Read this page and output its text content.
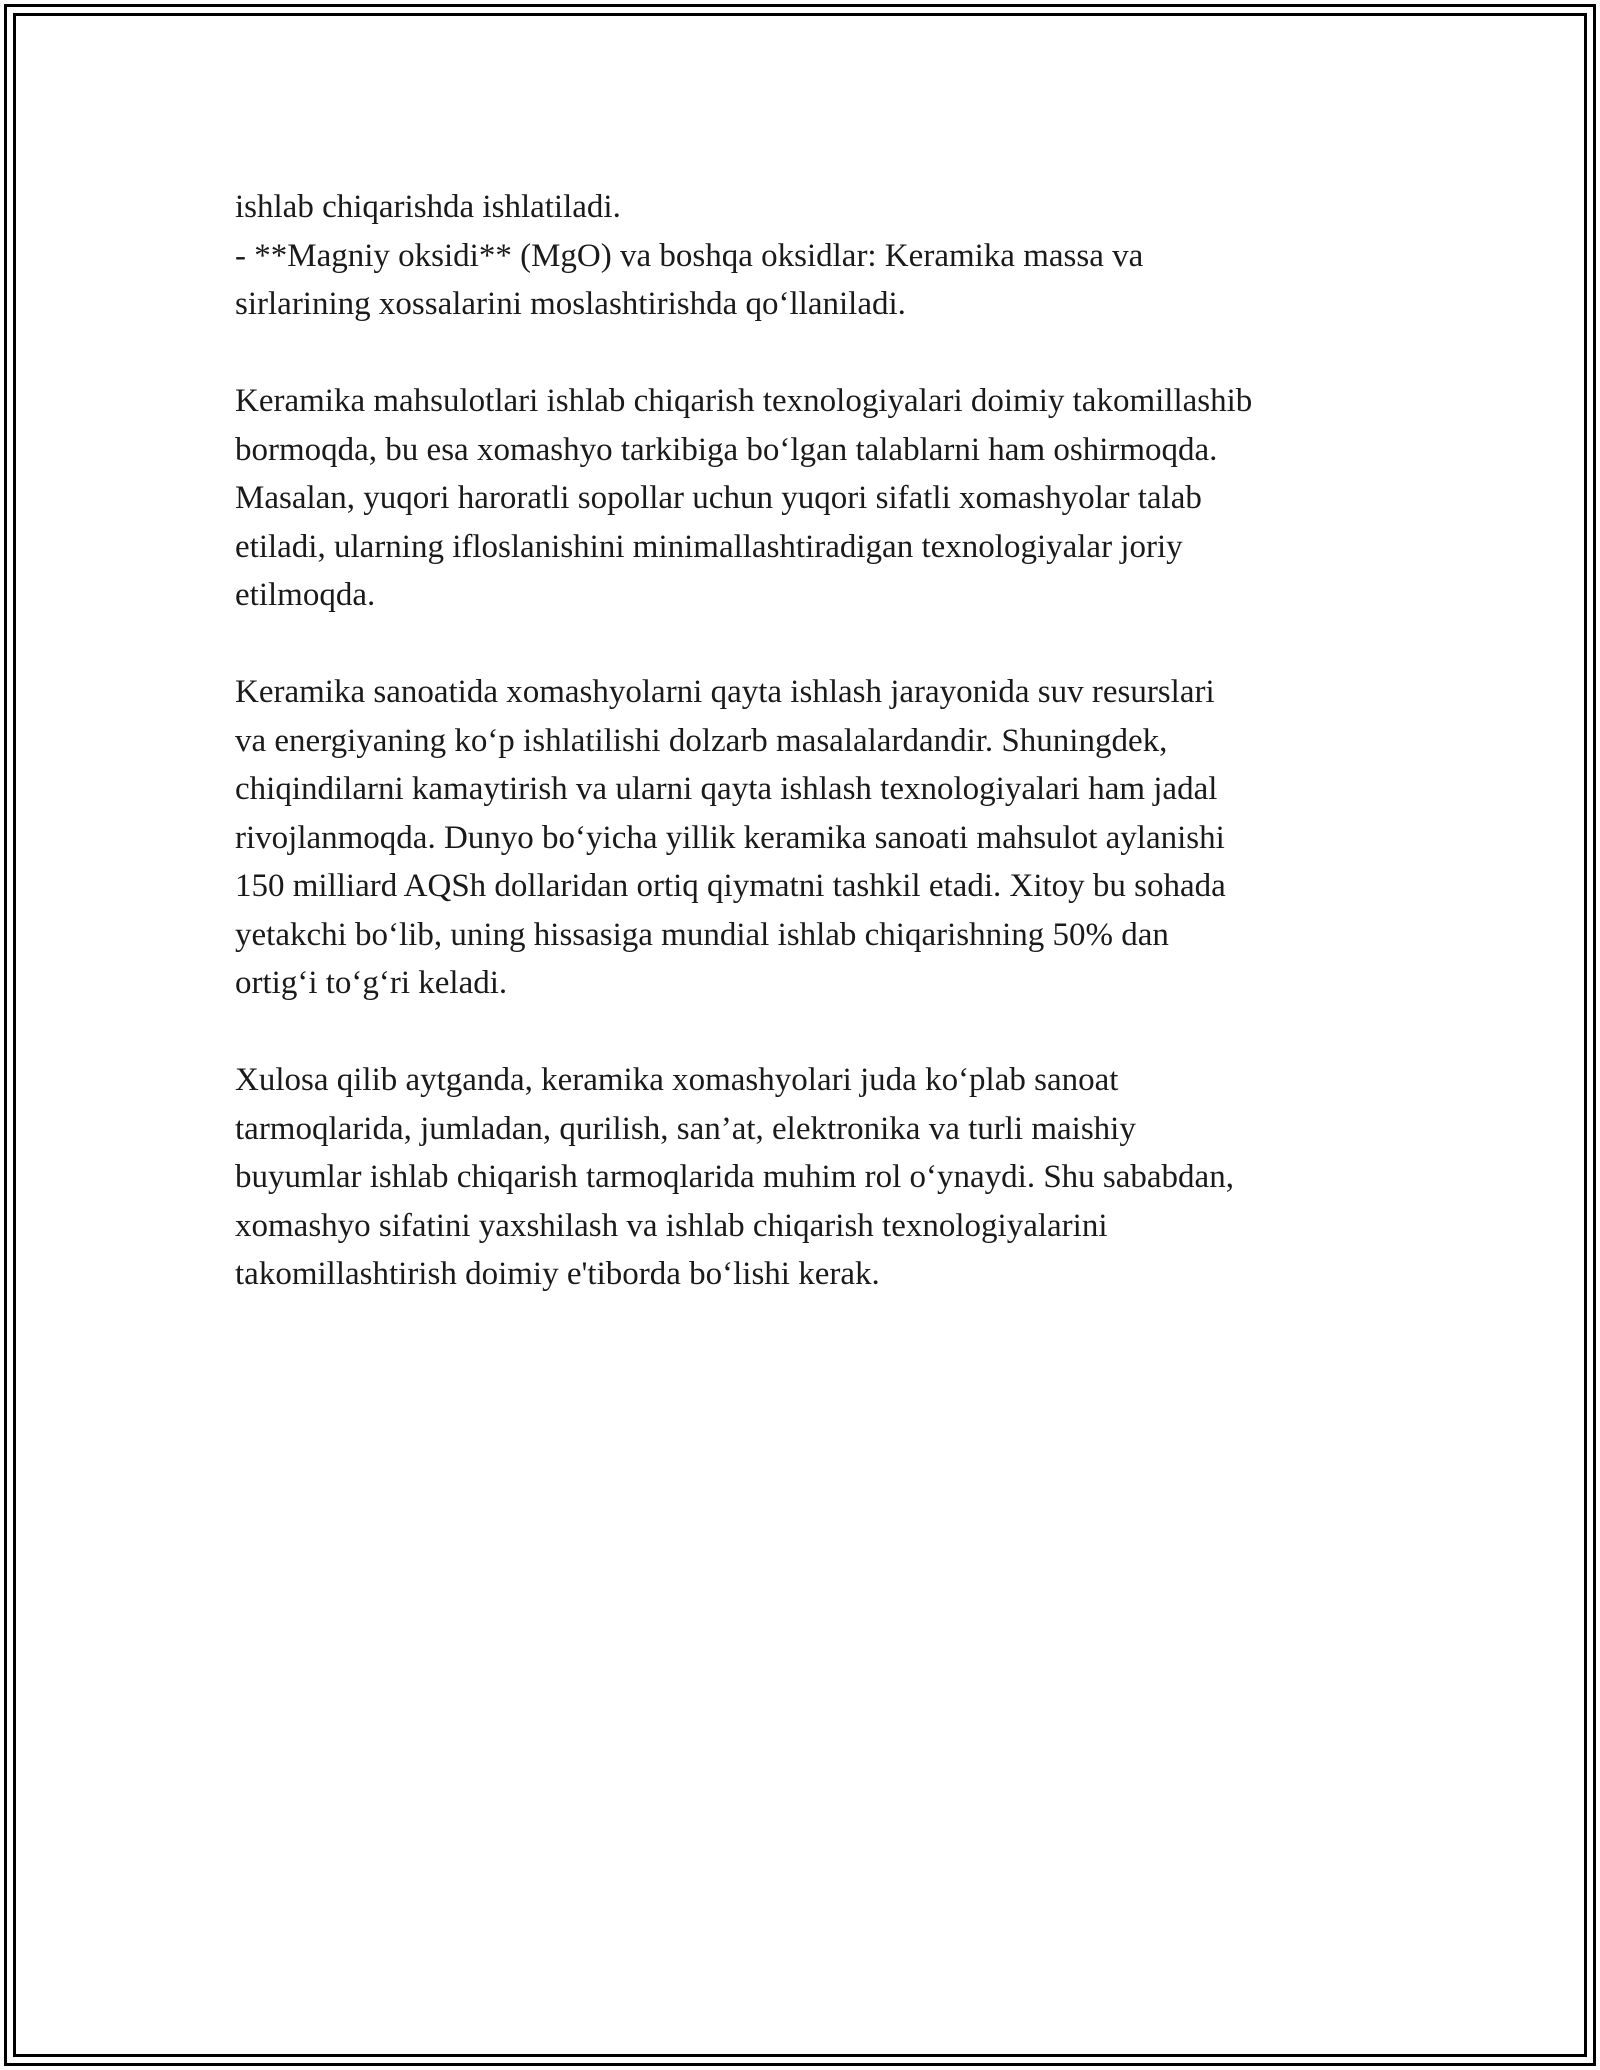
ishlab chiqarishda ishlatiladi.
- **Magniy oksidi** (MgO) va boshqa oksidlar: Keramika massa va
sirlarining xossalarini moslashtirishda qo‘llaniladi.
Keramika mahsulotlari ishlab chiqarish texnologiyalari doimiy takomillashib
bormoqda, bu esa xomashyo tarkibiga bo‘lgan talablarni ham oshirmoqda.
Masalan, yuqori haroratli sopollar uchun yuqori sifatli xomashyolar talab
etiladi, ularning ifloslanishini minimallashtiradigan texnologiyalar joriy
etilmoqda.
Keramika sanoatida xomashyolarni qayta ishlash jarayonida suv resurslari
va energiyaning ko‘p ishlatilishi dolzarb masalalardandir. Shuningdek,
chiqindilarni kamaytirish va ularni qayta ishlash texnologiyalari ham jadal
rivojlanmoqda. Dunyo bo‘yicha yillik keramika sanoati mahsulot aylanishi
150 milliard AQSh dollaridan ortiq qiymatni tashkil etadi. Xitoy bu sohada
yetakchi bo‘lib, uning hissasiga mundial ishlab chiqarishning 50% dan
ortig‘i to‘g‘ri keladi.
Xulosa qilib aytganda, keramika xomashyolari juda ko‘plab sanoat
tarmoqlarida, jumladan, qurilish, san’at, elektronika va turli maishiy
buyumlar ishlab chiqarish tarmoqlarida muhim rol o‘ynaydi. Shu sababdan,
xomashyo sifatini yaxshilash va ishlab chiqarish texnologiyalarini
takomillashtirish doimiy e'tiborda bo‘lishi kerak.
